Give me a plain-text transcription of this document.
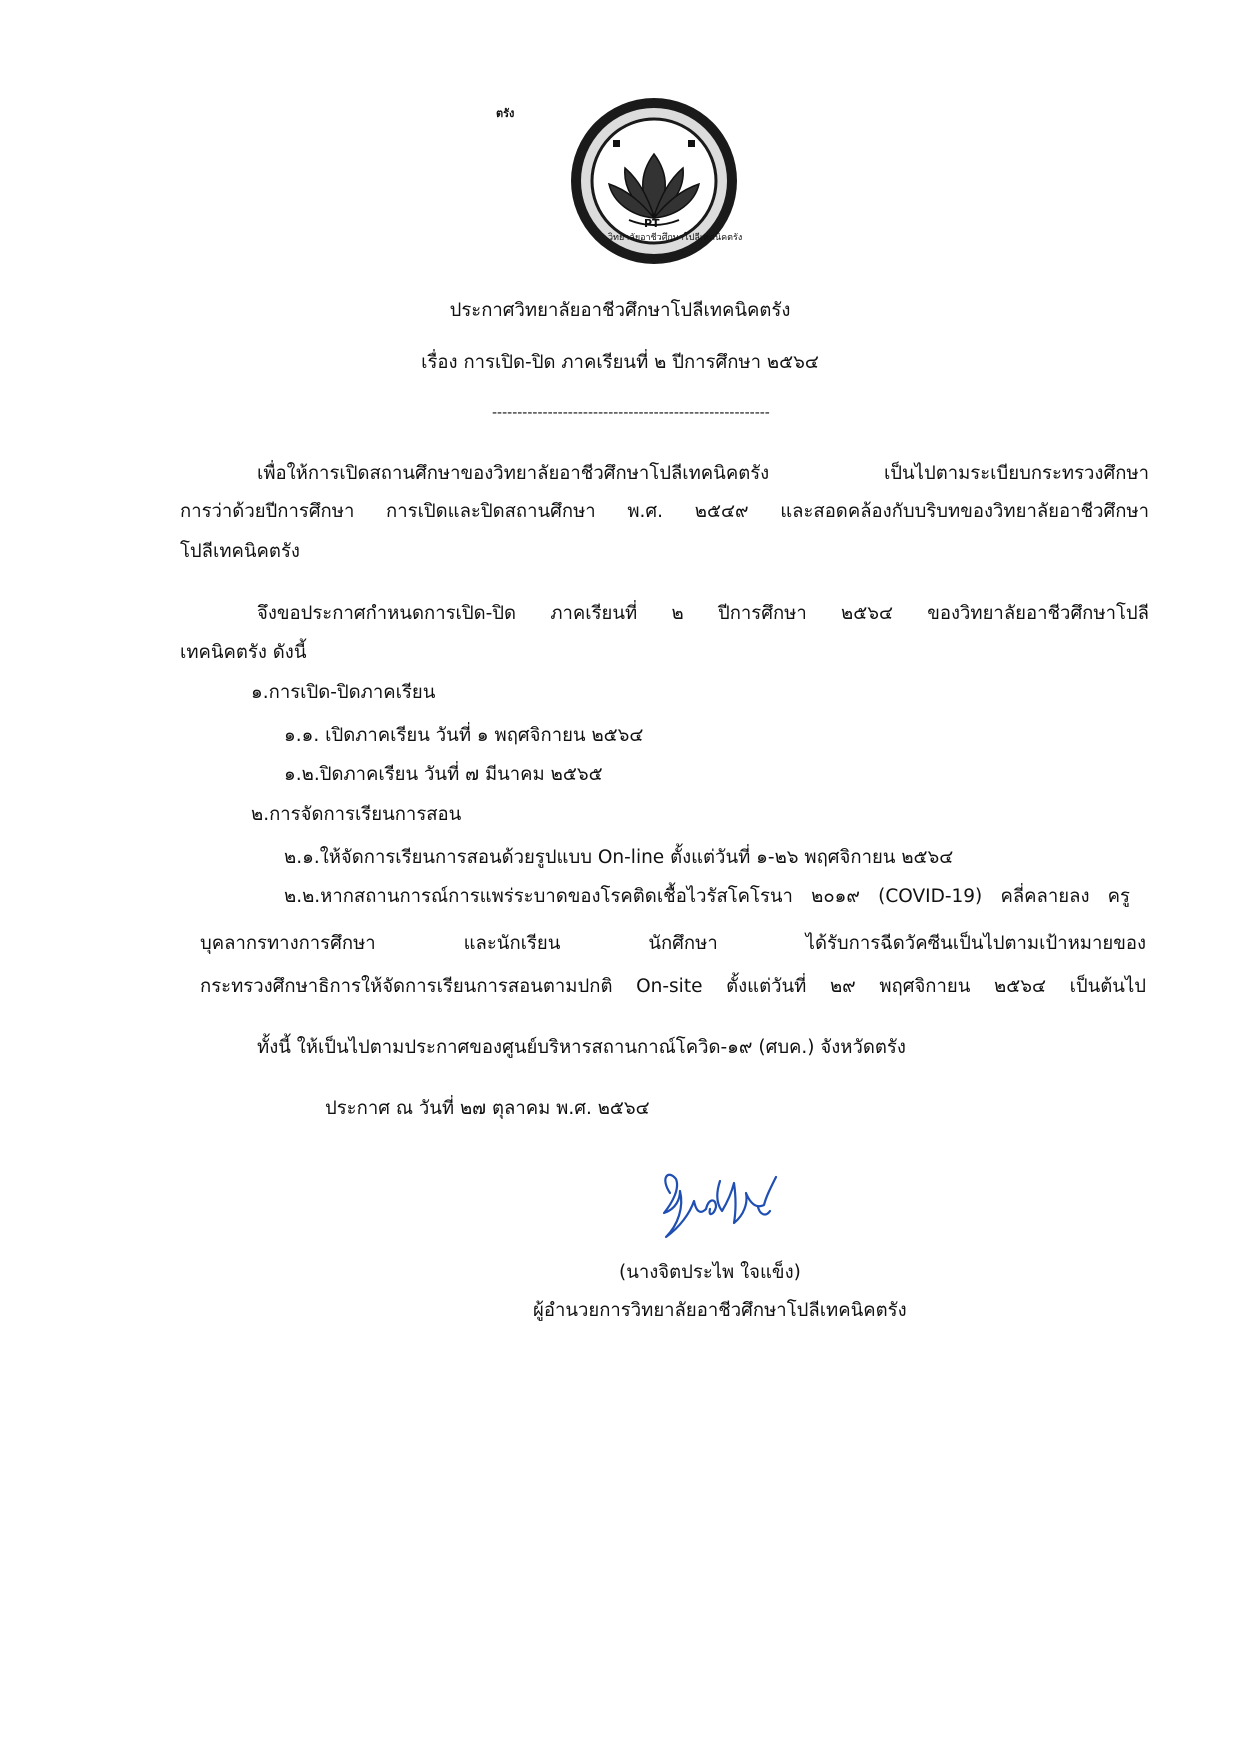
ตรัง
PT
วิทยาลัยอาชีวศึกษาโปลีเทคนิคตรัง
ประกาศวิทยาลัยอาชีวศึกษาโปลีเทคนิคตรัง
เรื่อง การเปิด-ปิด ภาคเรียนที่ ๒ ปีการศึกษา ๒๕๖๔
-------------------------------------------------------
เพื่อให้การเปิดสถานศึกษาของวิทยาลัยอาชีวศึกษาโปลีเทคนิคตรัง เป็นไปตามระเบียบกระทรวงศึกษา
การว่าด้วยปีการศึกษา การเปิดและปิดสถานศึกษา พ.ศ. ๒๕๔๙ และสอดคล้องกับบริบทของวิทยาลัยอาชีวศึกษา
โปลีเทคนิคตรัง
จึงขอประกาศกำหนดการเปิด-ปิด ภาคเรียนที่ ๒ ปีการศึกษา ๒๕๖๔ ของวิทยาลัยอาชีวศึกษาโปลี
เทคนิคตรัง ดังนี้
๑.การเปิด-ปิดภาคเรียน
๑.๑. เปิดภาคเรียน วันที่ ๑ พฤศจิกายน ๒๕๖๔
๑.๒.ปิดภาคเรียน วันที่ ๗ มีนาคม ๒๕๖๕
๒.การจัดการเรียนการสอน
๒.๑.ให้จัดการเรียนการสอนด้วยรูปแบบ On-line ตั้งแต่วันที่ ๑-๒๖ พฤศจิกายน ๒๕๖๔
๒.๒.หากสถานการณ์การแพร่ระบาดของโรคติดเชื้อไวรัสโคโรนา ๒๐๑๙ (COVID-19) คลี่คลายลง ครู
บุคลากรทางการศึกษา และนักเรียน นักศึกษา ได้รับการฉีดวัคซีนเป็นไปตามเป้าหมายของ
กระทรวงศึกษาธิการให้จัดการเรียนการสอนตามปกติ On-site ตั้งแต่วันที่ ๒๙ พฤศจิกายน ๒๕๖๔ เป็นต้นไป
ทั้งนี้ ให้เป็นไปตามประกาศของศูนย์บริหารสถานกาณ์โควิด-๑๙ (ศบค.) จังหวัดตรัง
ประกาศ ณ วันที่ ๒๗ ตุลาคม พ.ศ. ๒๕๖๔
(นางจิตประไพ ใจแข็ง)
ผู้อำนวยการวิทยาลัยอาชีวศึกษาโปลีเทคนิคตรัง
